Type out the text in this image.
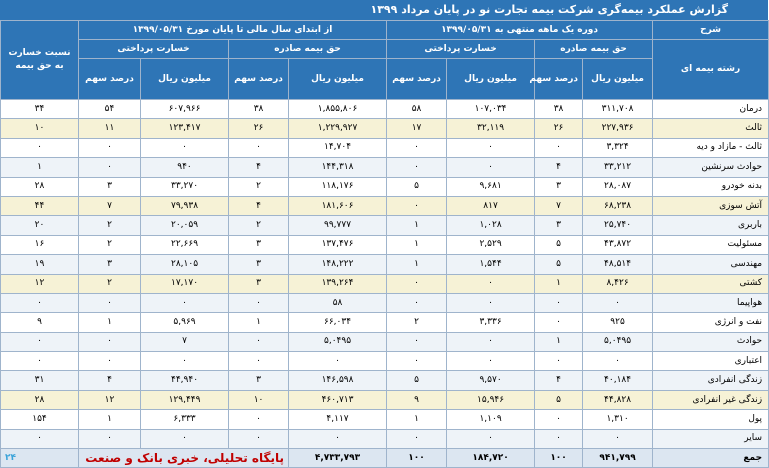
گزارش عملکرد بیمه‌گری شرکت بیمه تجارت نو در پایان مرداد ۱۳۹۹
شرح	دوره یک ماهه منتهی به ۱۳۹۹/۰۵/۳۱				از ابتدای سال مالی تا پایان مورخ ۱۳۹۹/۰۵/۳۱				نسبت خسارت به حق بیمه
رشته بیمه ای	حق بیمه صادره		خسارت پرداختی		حق بیمه صادره		خسارت پرداختی		
	میلیون ریال	درصد سهم	میلیون ریال	درصد سهم	میلیون ریال	درصد سهم	میلیون ریال	درصد سهم	
درمان	۳۱۱,۷۰۸	۳۸	۱۰۷,۰۳۴	۵۸	۱,۸۵۵,۸۰۶	۳۸	۶۰۷,۹۶۶	۵۴	۳۴
ثالث	۲۲۷,۹۳۶	۲۶	۳۲,۱۱۹	۱۷	۱,۲۲۹,۹۲۷	۲۶	۱۲۳,۴۱۷	۱۱	۱۰
ثالث - مازاد و دیه	۳,۳۲۴	۰	۰	۰	۱۴,۷۰۴	۰	۰	۰	۰
حوادث سرنشین	۳۳,۲۱۲	۴	۰	۰	۱۴۴,۳۱۸	۴	۹۴۰	۰	۱
بدنه خودرو	۲۸,۰۸۷	۳	۹,۶۸۱	۵	۱۱۸,۱۷۶	۲	۳۳,۲۷۰	۳	۲۸
آتش سوزی	۶۸,۲۳۸	۷	۸۱۷	۰	۱۸۱,۶۰۶	۴	۷۹,۹۳۸	۷	۴۴
باربری	۲۵,۷۴۰	۳	۱,۰۲۸	۱	۹۹,۷۷۷	۲	۲۰,۰۵۹	۲	۲۰
مسئولیت	۴۳,۸۷۲	۵	۲,۵۲۹	۱	۱۳۷,۴۷۶	۳	۲۲,۶۶۹	۲	۱۶
مهندسی	۴۸,۵۱۴	۵	۱,۵۴۴	۱	۱۴۸,۲۲۲	۳	۲۸,۱۰۵	۳	۱۹
کشتی	۸,۴۲۶	۱	۰	۰	۱۳۹,۲۶۴	۳	۱۷,۱۷۰	۲	۱۲
هواپیما	۰	۰	۰	۰	۵۸	۰	۰	۰	۰
نفت و انرژی	۹۲۵	۰	۳,۳۳۶	۲	۶۶,۰۳۴	۱	۵,۹۶۹	۱	۹
حوادث	۵,۰۴۹۵	۱	۰	۰	۵,۰۴۹۵	۰	۷	۰	۰
اعتباری	۰	۰	۰	۰	۰	۰	۰	۰	۰
زندگی انفرادی	۴۰,۱۸۴	۴	۹,۵۷۰	۵	۱۴۶,۵۹۸	۳	۴۴,۹۴۰	۴	۳۱
زندگی غیر انفرادی	۴۴,۸۲۸	۵	۱۵,۹۴۶	۹	۴۶۰,۷۱۳	۱۰	۱۲۹,۴۴۹	۱۲	۲۸
پول	۱,۳۱۰	۰	۱,۱۰۹	۱	۴,۱۱۷	۰	۶,۳۳۳	۱	۱۵۴
سایر	۰	۰	۰	۰	۰	۰	۰	۰	۰
جمع	۹۴۱,۷۹۹	۱۰۰	۱۸۴,۷۲۰	۱۰۰	۴,۷۳۳,۷۹۳	پایگاه تحلیلی، خبری بانک و صنعت			۲۴
